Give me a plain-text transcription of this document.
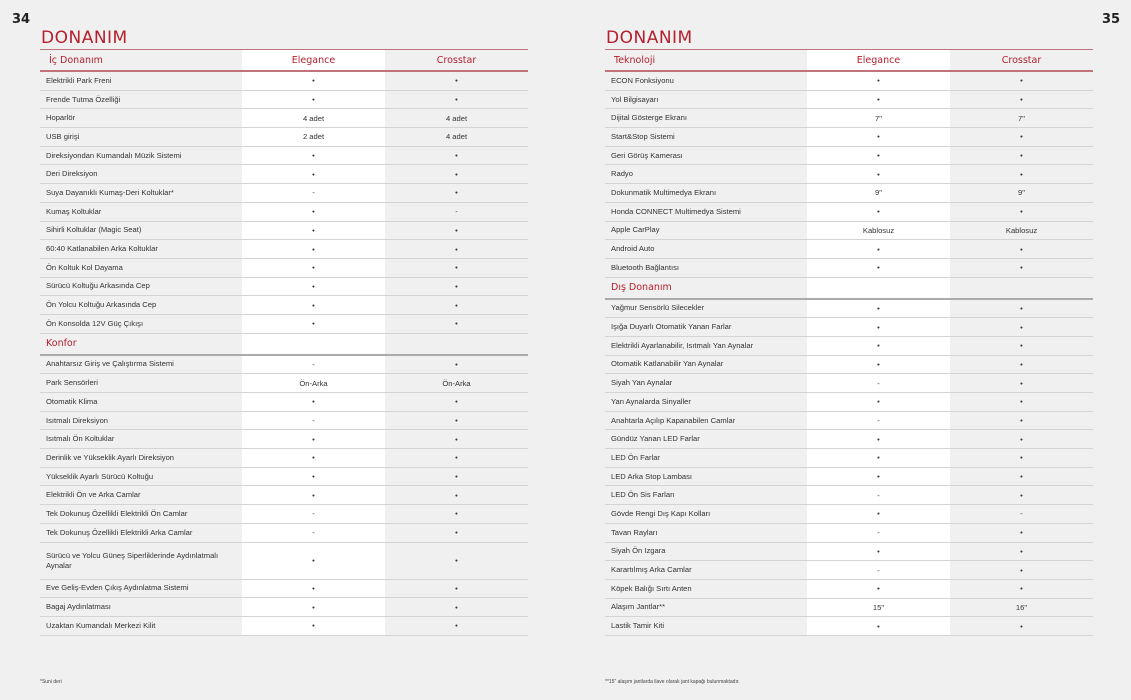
34	35
DONANIM	DONANIM
İç Donanım	Elegance	Crosstar
Elektrikli Park Freni	•	•
Frende Tutma Özelliği	•	•
Hoparlör	4 adet	4 adet
USB girişi	2 adet	4 adet
Direksiyondan Kumandalı Müzik Sistemi	•	•
Deri Direksiyon	•	•
Suya Dayanıklı Kumaş-Deri Koltuklar*	-	•
Kumaş Koltuklar	•	-
Sihirli Koltuklar (Magic Seat)	•	•
60:40 Katlanabilen Arka Koltuklar	•	•
Ön Koltuk Kol Dayama	•	•
Sürücü Koltuğu Arkasında Cep	•	•
Ön Yolcu Koltuğu Arkasında Cep	•	•
Ön Konsolda 12V Güç Çıkışı	•	•
Konfor
Anahtarsız Giriş ve Çalıştırma Sistemi	-	•
Park Sensörleri	Ön-Arka	Ön-Arka
Otomatik Klima	•	•
Isıtmalı Direksiyon	-	•
Isıtmalı Ön Koltuklar	•	•
Derinlik ve Yükseklik Ayarlı Direksiyon	•	•
Yükseklik Ayarlı Sürücü Koltuğu	•	•
Elektrikli Ön ve Arka Camlar	•	•
Tek Dokunuş Özellikli Elektrikli Ön Camlar	-	•
Tek Dokunuş Özellikli Elektrikli Arka Camlar	-	•
Sürücü ve Yolcu Güneş Siperliklerinde Aydınlatmalı Aynalar	•	•
Eve Geliş-Evden Çıkış Aydınlatma Sistemi	•	•
Bagaj Aydınlatması	•	•
Uzaktan Kumandalı Merkezi Kilit	•	•
Teknoloji	Elegance	Crosstar
ECON Fonksiyonu	•	•
Yol Bilgisayarı	•	•
Dijital Gösterge Ekranı	7"	7"
Start&Stop Sistemi	•	•
Geri Görüş Kamerası	•	•
Radyo	•	•
Dokunmatik Multimedya Ekranı	9"	9"
Honda CONNECT Multimedya Sistemi	•	•
Apple CarPlay	Kablosuz	Kablosuz
Android Auto	•	•
Bluetooth Bağlantısı	•	•
Dış Donanım
Yağmur Sensörlü Silecekler	•	•
Işığa Duyarlı Otomatik Yanan Farlar	•	•
Elektrikli Ayarlanabilir, Isıtmalı Yan Aynalar	•	•
Otomatik Katlanabilir Yan Aynalar	•	•
Siyah Yan Aynalar	-	•
Yan Aynalarda Sinyaller	•	•
Anahtarla Açılıp Kapanabilen Camlar	-	•
Gündüz Yanan LED Farlar	•	•
LED Ön Farlar	•	•
LED Arka Stop Lambası	•	•
LED Ön Sis Farları	-	•
Gövde Rengi Dış Kapı Kolları	•	-
Tavan Rayları	-	•
Siyah Ön Izgara	•	•
Karartılmış Arka Camlar	-	•
Köpek Balığı Sırtı Anten	•	•
Alaşım Jantlar**	15"	16"
Lastik Tamir Kiti	•	•
*Suni deri	**15" alaşım jantlarda ilave olarak jant kapağı bulunmaktadır.
